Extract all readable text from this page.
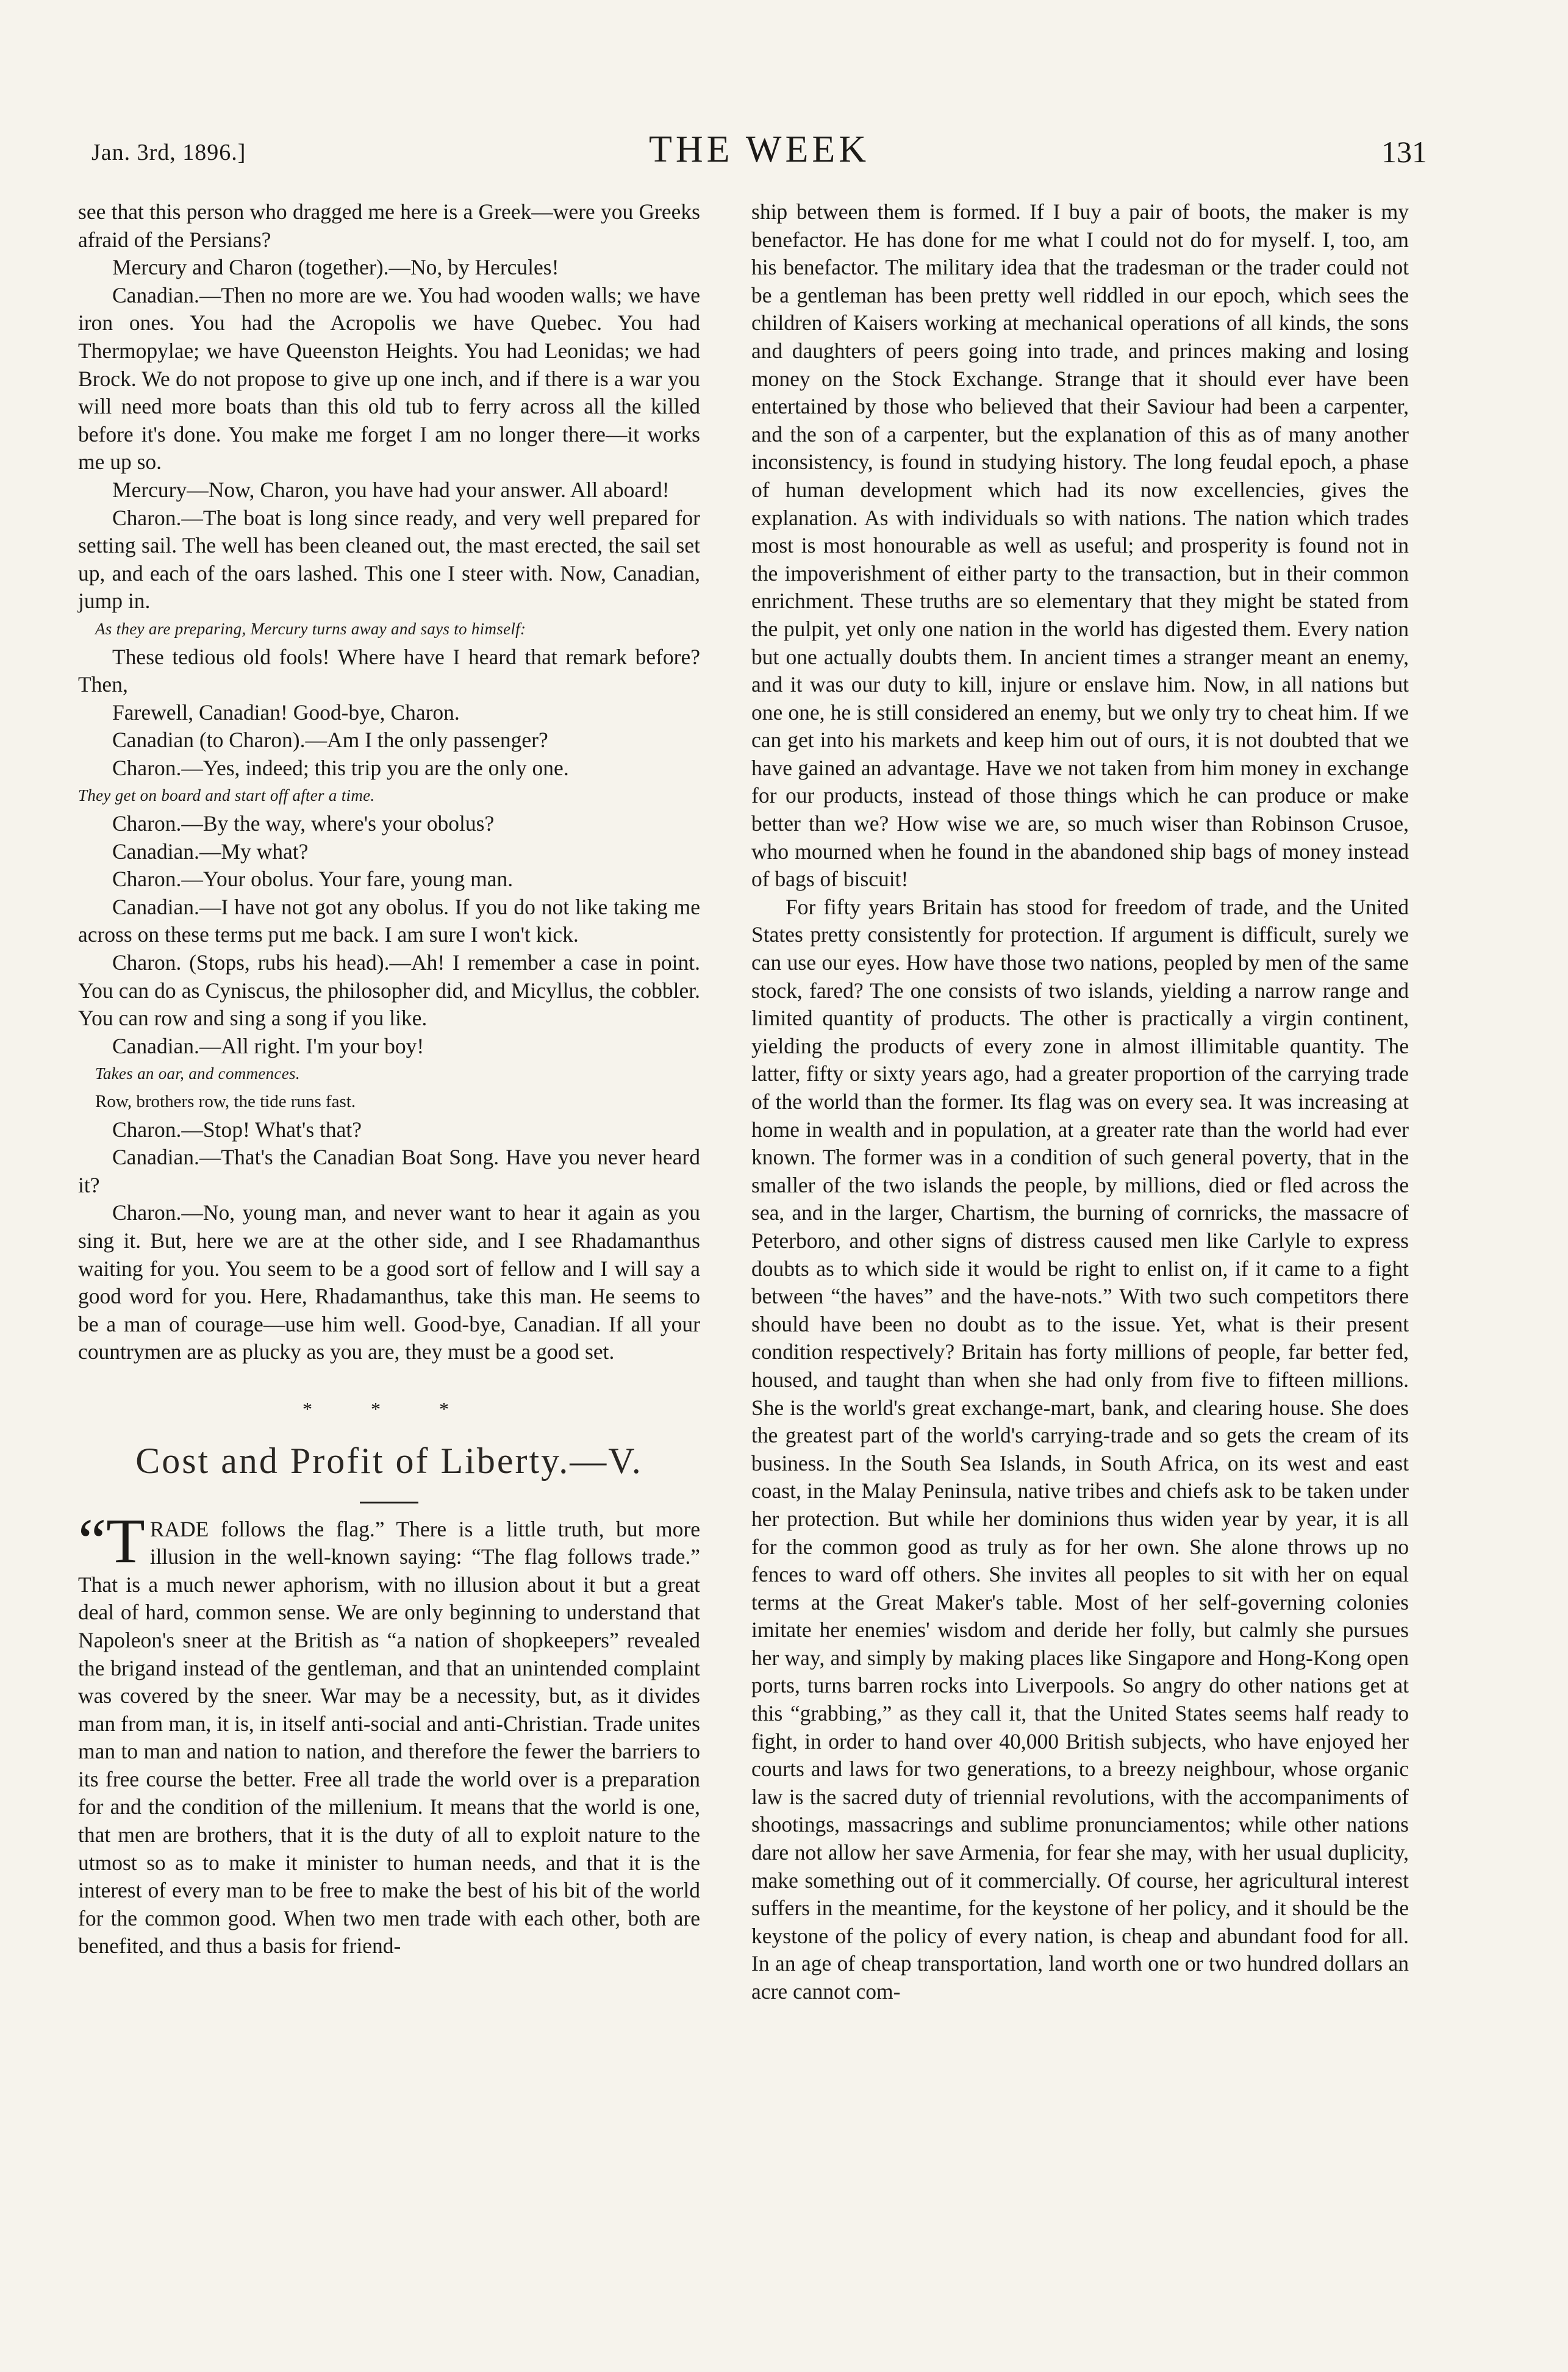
Jan. 3rd, 1896.]	THE WEEK	131

see that this person who dragged me here is a Greek—were you Greeks afraid of the Persians?

Mercury and Charon (together).—No, by Hercules!

Canadian.—Then no more are we. You had wooden walls; we have iron ones. You had the Acropolis we have Quebec. You had Thermopylae; we have Queenston Heights. You had Leonidas; we had Brock. We do not propose to give up one inch, and if there is a war you will need more boats than this old tub to ferry across all the killed before it's done. You make me forget I am no longer there—it works me up so.

Mercury—Now, Charon, you have had your answer. All aboard!

Charon.—The boat is long since ready, and very well prepared for setting sail. The well has been cleaned out, the mast erected, the sail set up, and each of the oars lashed. This one I steer with. Now, Canadian, jump in.

As they are preparing, Mercury turns away and says to himself:

These tedious old fools! Where have I heard that remark before? Then,

Farewell, Canadian! Good-bye, Charon.

Canadian (to Charon).—Am I the only passenger?

Charon.—Yes, indeed; this trip you are the only one.

They get on board and start off after a time.

Charon.—By the way, where's your obolus?

Canadian.—My what?

Charon.—Your obolus. Your fare, young man.

Canadian.—I have not got any obolus. If you do not like taking me across on these terms put me back. I am sure I won't kick.

Charon. (Stops, rubs his head).—Ah! I remember a case in point. You can do as Cyniscus, the philosopher did, and Micyllus, the cobbler. You can row and sing a song if you like.

Canadian.—All right. I'm your boy!

Takes an oar, and commences.

Row, brothers row, the tide runs fast.

Charon.—Stop! What's that?

Canadian.—That's the Canadian Boat Song. Have you never heard it?

Charon.—No, young man, and never want to hear it again as you sing it. But, here we are at the other side, and I see Rhadamanthus waiting for you. You seem to be a good sort of fellow and I will say a good word for you. Here, Rhadamanthus, take this man. He seems to be a man of courage—use him well. Good-bye, Canadian. If all your countrymen are as plucky as you are, they must be a good set.

* * *

Cost and Profit of Liberty.—V.

“TRADE follows the flag.” There is a little truth, but more illusion in the well-known saying: “The flag follows trade.” That is a much newer aphorism, with no illusion about it but a great deal of hard, common sense. We are only beginning to understand that Napoleon's sneer at the British as “a nation of shopkeepers” revealed the brigand instead of the gentleman, and that an unintended complaint was covered by the sneer. War may be a necessity, but, as it divides man from man, it is, in itself anti-social and anti-Christian. Trade unites man to man and nation to nation, and therefore the fewer the barriers to its free course the better. Free all trade the world over is a preparation for and the condition of the millenium. It means that the world is one, that men are brothers, that it is the duty of all to exploit nature to the utmost so as to make it minister to human needs, and that it is the interest of every man to be free to make the best of his bit of the world for the common good. When two men trade with each other, both are benefited, and thus a basis for friend-

ship between them is formed. If I buy a pair of boots, the maker is my benefactor. He has done for me what I could not do for myself. I, too, am his benefactor. The military idea that the tradesman or the trader could not be a gentleman has been pretty well riddled in our epoch, which sees the children of Kaisers working at mechanical operations of all kinds, the sons and daughters of peers going into trade, and princes making and losing money on the Stock Exchange. Strange that it should ever have been entertained by those who believed that their Saviour had been a carpenter, and the son of a carpenter, but the explanation of this as of many another inconsistency, is found in studying history. The long feudal epoch, a phase of human development which had its now excellencies, gives the explanation. As with individuals so with nations. The nation which trades most is most honourable as well as useful; and prosperity is found not in the impoverishment of either party to the transaction, but in their common enrichment. These truths are so elementary that they might be stated from the pulpit, yet only one nation in the world has digested them. Every nation but one actually doubts them. In ancient times a stranger meant an enemy, and it was our duty to kill, injure or enslave him. Now, in all nations but one one, he is still considered an enemy, but we only try to cheat him. If we can get into his markets and keep him out of ours, it is not doubted that we have gained an advantage. Have we not taken from him money in exchange for our products, instead of those things which he can produce or make better than we? How wise we are, so much wiser than Robinson Crusoe, who mourned when he found in the abandoned ship bags of money instead of bags of biscuit!

For fifty years Britain has stood for freedom of trade, and the United States pretty consistently for protection. If argument is difficult, surely we can use our eyes. How have those two nations, peopled by men of the same stock, fared? The one consists of two islands, yielding a narrow range and limited quantity of products. The other is practically a virgin continent, yielding the products of every zone in almost illimitable quantity. The latter, fifty or sixty years ago, had a greater proportion of the carrying trade of the world than the former. Its flag was on every sea. It was increasing at home in wealth and in population, at a greater rate than the world had ever known. The former was in a condition of such general poverty, that in the smaller of the two islands the people, by millions, died or fled across the sea, and in the larger, Chartism, the burning of cornricks, the massacre of Peterboro, and other signs of distress caused men like Carlyle to express doubts as to which side it would be right to enlist on, if it came to a fight between “the haves” and the have-nots.” With two such competitors there should have been no doubt as to the issue. Yet, what is their present condition respectively? Britain has forty millions of people, far better fed, housed, and taught than when she had only from five to fifteen millions. She is the world's great exchange-mart, bank, and clearing house. She does the greatest part of the world's carrying-trade and so gets the cream of its business. In the South Sea Islands, in South Africa, on its west and east coast, in the Malay Peninsula, native tribes and chiefs ask to be taken under her protection. But while her dominions thus widen year by year, it is all for the common good as truly as for her own. She alone throws up no fences to ward off others. She invites all peoples to sit with her on equal terms at the Great Maker's table. Most of her self-governing colonies imitate her enemies' wisdom and deride her folly, but calmly she pursues her way, and simply by making places like Singapore and Hong-Kong open ports, turns barren rocks into Liverpools. So angry do other nations get at this “grabbing,” as they call it, that the United States seems half ready to fight, in order to hand over 40,000 British subjects, who have enjoyed her courts and laws for two generations, to a breezy neighbour, whose organic law is the sacred duty of triennial revolutions, with the accompaniments of shootings, massacrings and sublime pronunciamentos; while other nations dare not allow her save Armenia, for fear she may, with her usual duplicity, make something out of it commercially. Of course, her agricultural interest suffers in the meantime, for the keystone of her policy, and it should be the keystone of the policy of every nation, is cheap and abundant food for all. In an age of cheap transportation, land worth one or two hundred dollars an acre cannot com-
